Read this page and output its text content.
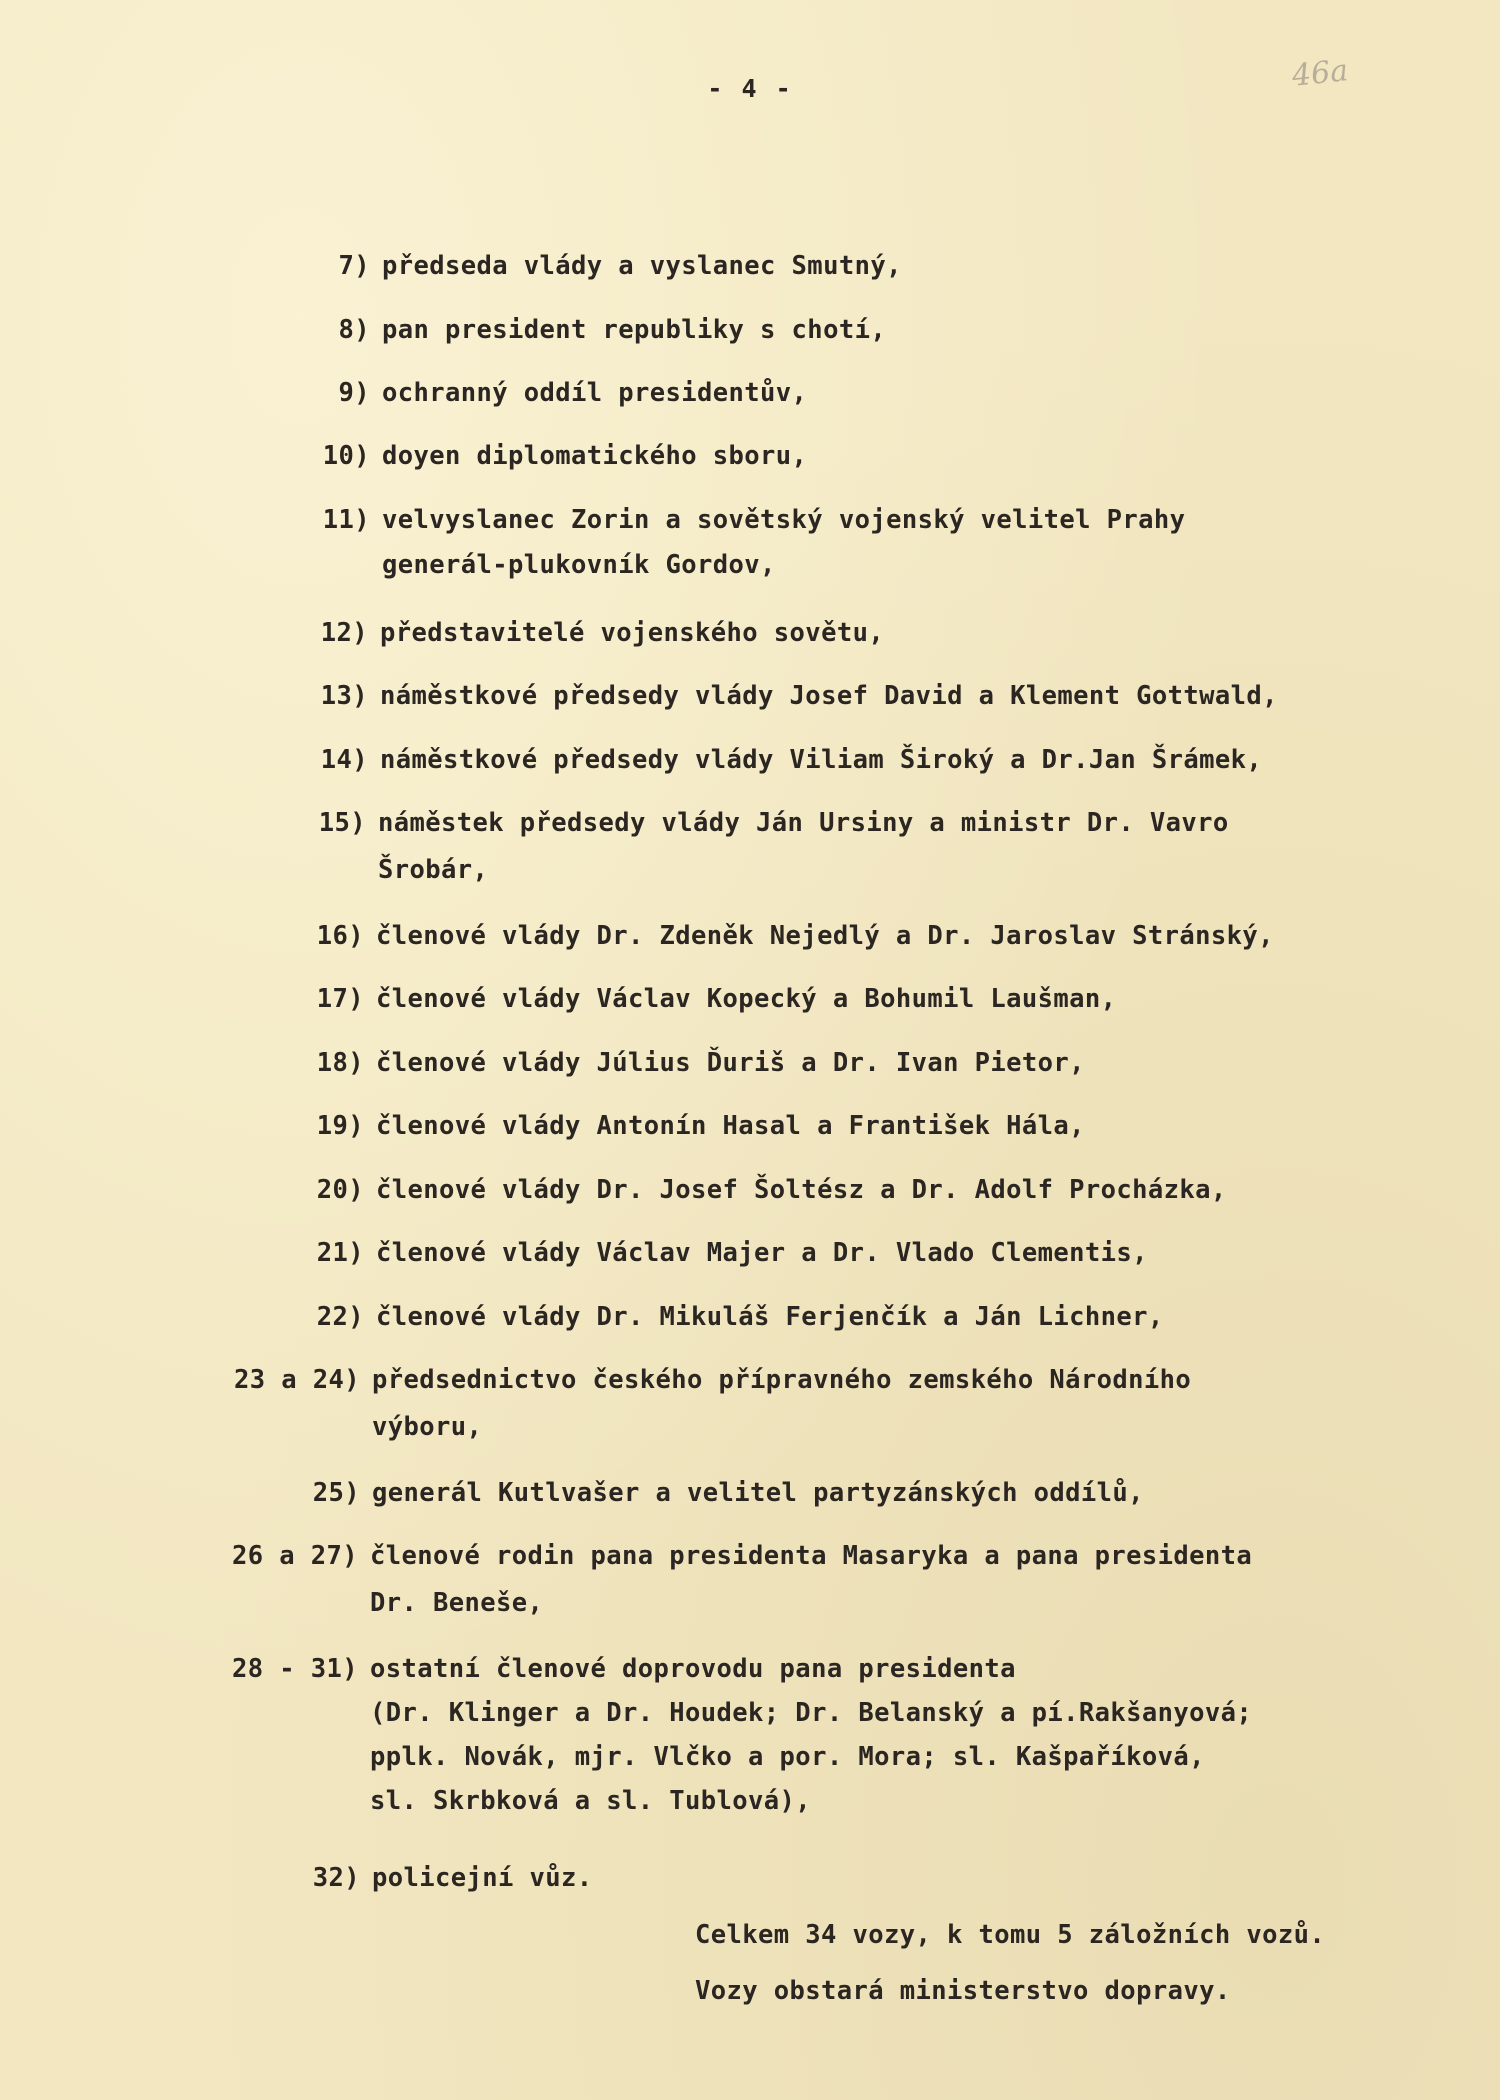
- 4 -	46a
7) předseda vlády a vyslanec Smutný,
8) pan president republiky s chotí,
9) ochranný oddíl presidentův,
10) doyen diplomatického sboru,
11) velvyslanec Zorin a sovětský vojenský velitel Prahy
generál-plukovník Gordov,
12) představitelé vojenského sovětu,
13) náměstkové předsedy vlády Josef David a Klement Gottwald,
14) náměstkové předsedy vlády Viliam Široký a Dr.Jan Šrámek,
15) náměstek předsedy vlády Ján Ursiny a ministr Dr. Vavro
Šrobár,
16) členové vlády Dr. Zdeněk Nejedlý a Dr. Jaroslav Stránský,
17) členové vlády Václav Kopecký a Bohumil Laušman,
18) členové vlády Július Ďuriš a Dr. Ivan Pietor,
19) členové vlády Antonín Hasal a František Hála,
20) členové vlády Dr. Josef Šoltész a Dr. Adolf Procházka,
21) členové vlády Václav Majer a Dr. Vlado Clementis,
22) členové vlády Dr. Mikuláš Ferjenčík a Ján Lichner,
23 a 24) předsednictvo českého přípravného zemského Národního
výboru,
25) generál Kutlvašer a velitel partyzánských oddílů,
26 a 27) členové rodin pana presidenta Masaryka a pana presidenta
Dr. Beneše,
28 - 31) ostatní členové doprovodu pana presidenta
(Dr. Klinger a Dr. Houdek; Dr. Belanský a pí.Rakšanyová;
pplk. Novák, mjr. Vlčko a por. Mora; sl. Kašpaříková,
sl. Skrbková a sl. Tublová),
32) policejní vůz.
Celkem 34 vozy, k tomu 5 záložních vozů.
Vozy obstará ministerstvo dopravy.
